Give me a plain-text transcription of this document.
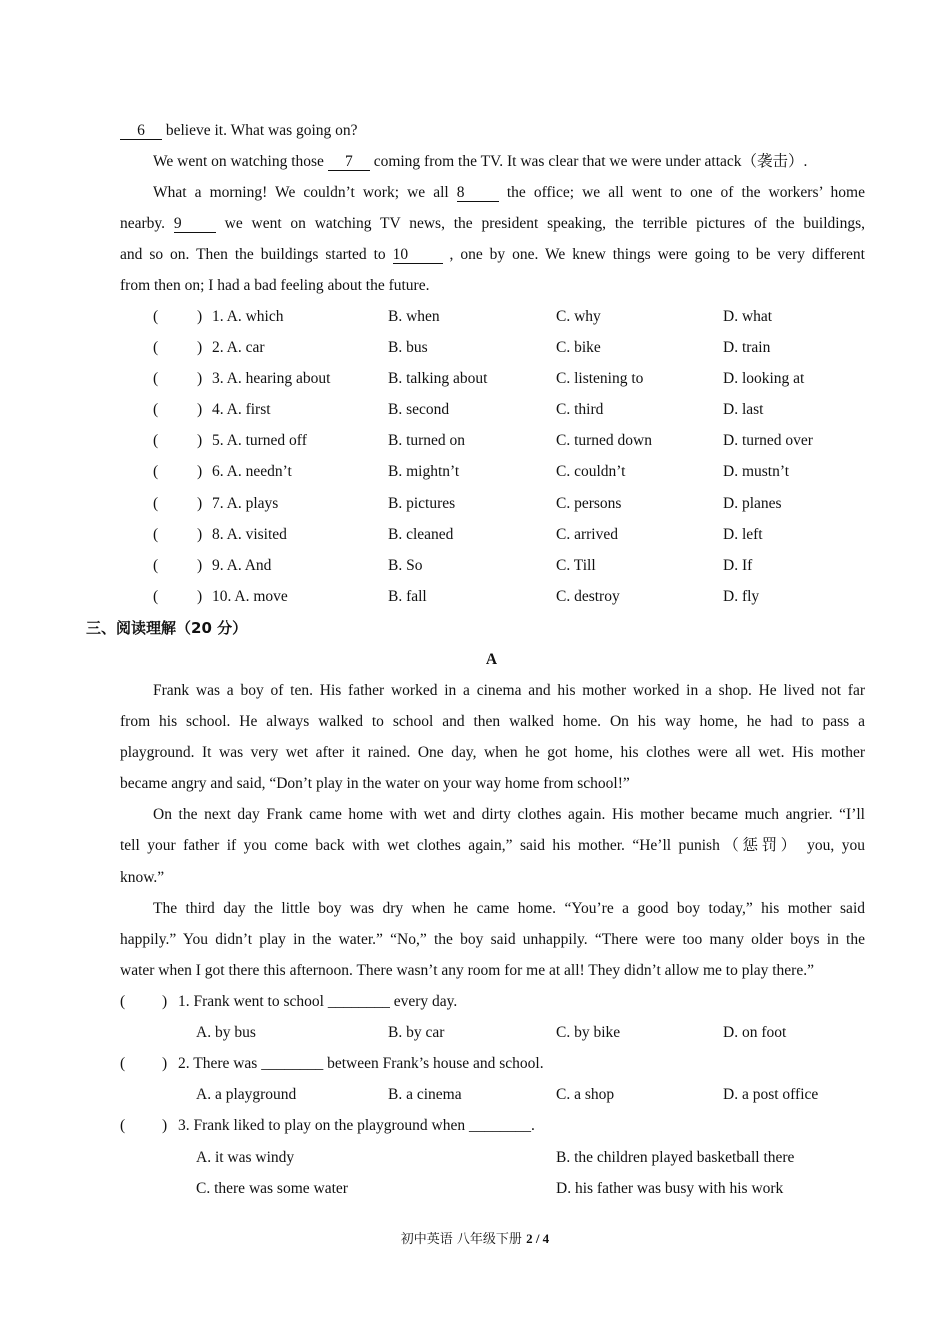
6 believe it. What was going on?
We went on watching those 7 coming from the TV. It was clear that we were under attack（袭击）.
What a morning! We couldn’t work; we all 8 the office; we all went to one of the workers’ home
nearby. 9 we went on watching TV news, the president speaking, the terrible pictures of the buildings,
and so on. Then the buildings started to 10 , one by one. We knew things were going to be very different
from then on; I had a bad feeling about the future.
(	) 1. A. which	B. when	C. why	D. what
(	) 2. A. car	B. bus	C. bike	D. train
(	) 3. A. hearing about	B. talking about	C. listening to	D. looking at
(	) 4. A. first	B. second	C. third	D. last
(	) 5. A. turned off	B. turned on	C. turned down	D. turned over
(	) 6. A. needn’t	B. mightn’t	C. couldn’t	D. mustn’t
(	) 7. A. plays	B. pictures	C. persons	D. planes
(	) 8. A. visited	B. cleaned	C. arrived	D. left
(	) 9. A. And	B. So	C. Till	D. If
(	) 10. A. move	B. fall	C. destroy	D. fly
三、阅读理解（20 分）
A
Frank was a boy of ten. His father worked in a cinema and his mother worked in a shop. He lived not far
from his school. He always walked to school and then walked home. On his way home, he had to pass a
playground. It was very wet after it rained. One day, when he got home, his clothes were all wet. His mother
became angry and said, “Don’t play in the water on your way home from school!”
On the next day Frank came home with wet and dirty clothes again. His mother became much angrier. “I’ll
tell your father if you come back with wet clothes again,” said his mother. “He’ll punish（惩罚） you, you
know.”
The third day the little boy was dry when he came home. “You’re a good boy today,” his mother said
happily.” You didn’t play in the water.” “No,” the boy said unhappily. “There were too many older boys in the
water when I got there this afternoon. There wasn’t any room for me at all! They didn’t allow me to play there.”
( ) 1. Frank went to school ________ every day.
A. by bus	B. by car	C. by bike	D. on foot
( ) 2. There was ________ between Frank’s house and school.
A. a playground	B. a cinema	C. a shop	D. a post office
( ) 3. Frank liked to play on the playground when ________.
A. it was windy	B. the children played basketball there
C. there was some water	D. his father was busy with his work
初中英语 八年级下册 2 / 4
